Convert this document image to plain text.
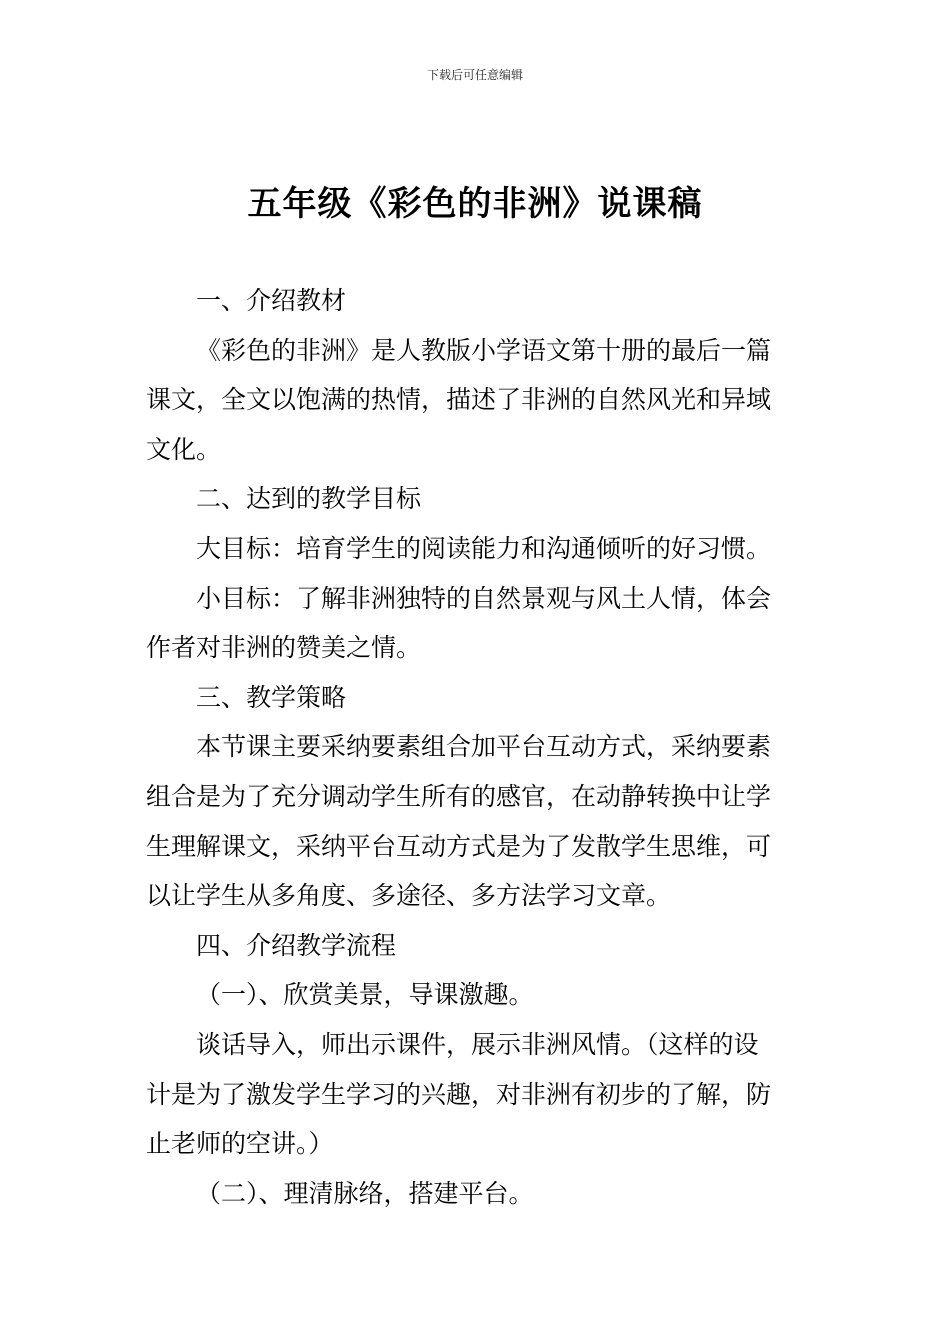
下载后可任意编辑
五年级《彩色的非洲》说课稿
一、介绍教材
《彩色的非洲》是人教版小学语文第十册的最后一篇
课文，全文以饱满的热情，描述了非洲的自然风光和异域
文化。
二、达到的教学目标
大目标：培育学生的阅读能力和沟通倾听的好习惯。
小目标：了解非洲独特的自然景观与风土人情，体会
作者对非洲的赞美之情。
三、教学策略
本节课主要采纳要素组合加平台互动方式，采纳要素
组合是为了充分调动学生所有的感官，在动静转换中让学
生理解课文，采纳平台互动方式是为了发散学生思维，可
以让学生从多角度、多途径、多方法学习文章。
四、介绍教学流程
（一）、欣赏美景，导课激趣。
谈话导入，师出示课件，展示非洲风情。（这样的设
计是为了激发学生学习的兴趣，对非洲有初步的了解，防
止老师的空讲。）
（二）、理清脉络，搭建平台。
